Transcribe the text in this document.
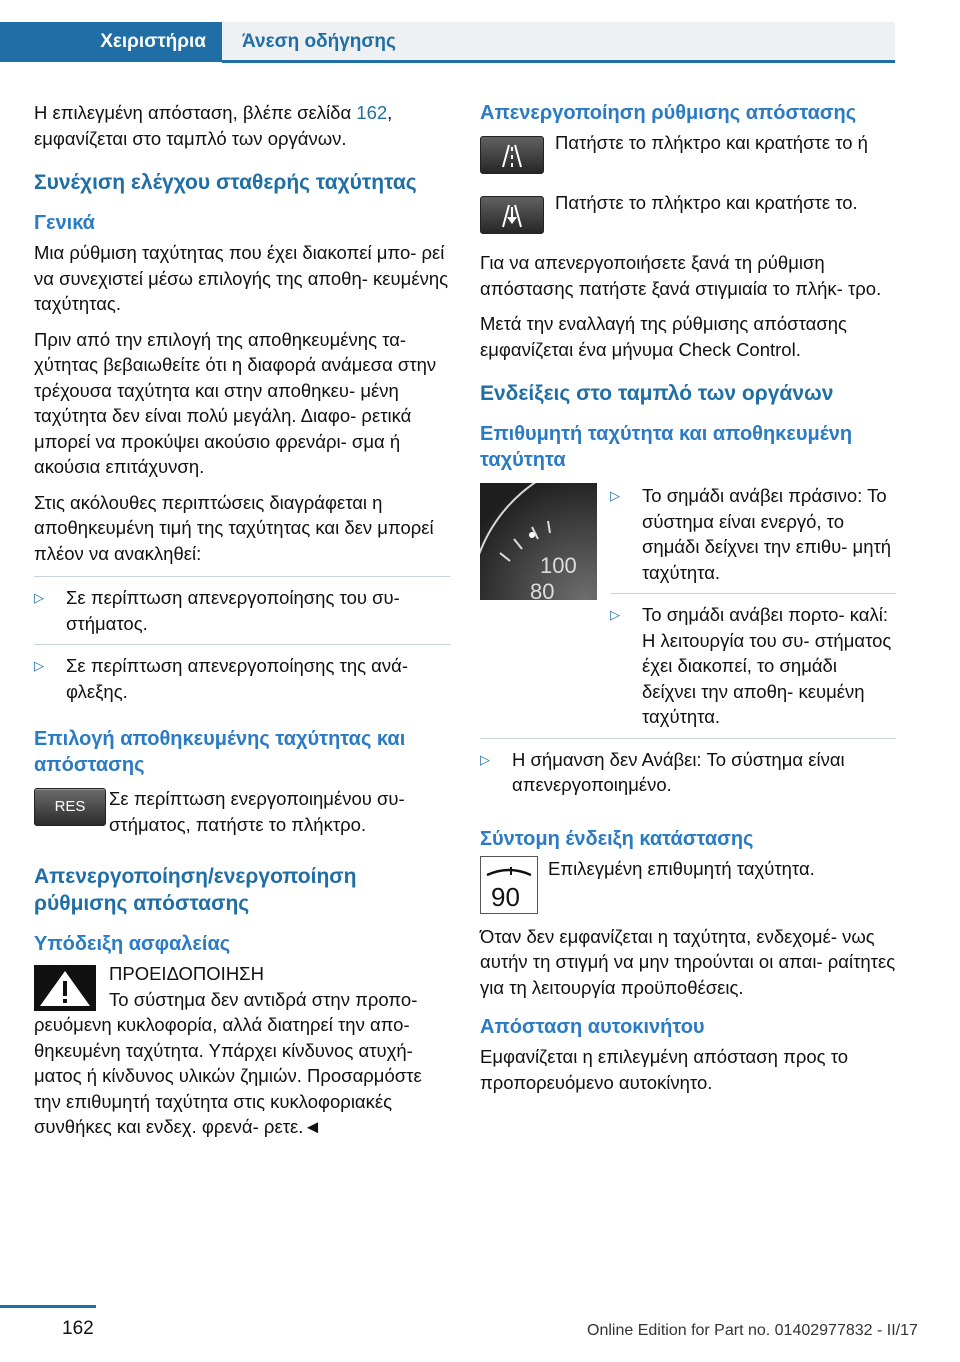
Χειριστήρια	Άνεση οδήγησης

Η επιλεγμένη απόσταση, βλέπε σελίδα 162, εμφανίζεται στο ταμπλό των οργάνων.

Συνέχιση ελέγχου σταθερής ταχύτητας
Γενικά

Μια ρύθμιση ταχύτητας που έχει διακοπεί μπο- ρεί να συνεχιστεί μέσω επιλογής της αποθη- κευμένης ταχύτητας.

Πριν από την επιλογή της αποθηκευμένης τα- χύτητας βεβαιωθείτε ότι η διαφορά ανάμεσα στην τρέχουσα ταχύτητα και στην αποθηκευ- μένη ταχύτητα δεν είναι πολύ μεγάλη. Διαφο- ρετικά μπορεί να προκύψει ακούσιο φρενάρι- σμα ή ακούσια επιτάχυνση.

Στις ακόλουθες περιπτώσεις διαγράφεται η αποθηκευμένη τιμή της ταχύτητας και δεν μπορεί πλέον να ανακληθεί:

▷ Σε περίπτωση απενεργοποίησης του συ- στήματος.
▷ Σε περίπτωση απενεργοποίησης της ανά- φλεξης.
Επιλογή αποθηκευμένης ταχύτητας και απόστασης
RES	Σε περίπτωση ενεργοποιημένου συ- στήματος, πατήστε το πλήκτρο.

Απενεργοποίηση/ενεργοποίηση ρύθμισης απόστασης
Υπόδειξη ασφαλείας

ΠΡΟΕΙΔΟΠΟΙΗΣΗ

Το σύστημα δεν αντιδρά στην προπο- ρευόμενη κυκλοφορία, αλλά διατηρεί την απο- θηκευμένη ταχύτητα. Υπάρχει κίνδυνος ατυχή- ματος ή κίνδυνος υλικών ζημιών. Προσαρμόστε την επιθυμητή ταχύτητα στις κυκλοφοριακές συνθήκες και ενδεχ. φρενά- ρετε.◄

Απενεργοποίηση ρύθμισης απόστασης

Πατήστε το πλήκτρο και κρατήστε το ή

Πατήστε το πλήκτρο και κρατήστε το.

Για να απενεργοποιήσετε ξανά τη ρύθμιση απόστασης πατήστε ξανά στιγμιαία το πλήκ- τρο.

Μετά την εναλλαγή της ρύθμισης απόστασης εμφανίζεται ένα μήνυμα Check Control.

Ενδείξεις στο ταμπλό των οργάνων
Επιθυμητή ταχύτητα και αποθηκευμένη ταχύτητα
100
80
▷ Το σημάδι ανάβει πράσινο: Το σύστημα είναι ενεργό, το σημάδι δείχνει την επιθυ- μητή ταχύτητα.
▷ Το σημάδι ανάβει πορτο- καλί: Η λειτουργία του συ- στήματος έχει διακοπεί, το σημάδι δείχνει την αποθη- κευμένη ταχύτητα.
▷ Η σήμανση δεν Ανάβει: Το σύστημα είναι απενεργοποιημένο.
Σύντομη ένδειξη κατάστασης
90

Επιλεγμένη επιθυμητή ταχύτητα.

Όταν δεν εμφανίζεται η ταχύτητα, ενδεχομέ- νως αυτήν τη στιγμή να μην τηρούνται οι απαι- ραίτητες για τη λειτουργία προϋποθέσεις.

Απόσταση αυτοκινήτου

Εμφανίζεται η επιλεγμένη απόσταση προς το προπορευόμενο αυτοκίνητο.

162	Online Edition for Part no. 01402977832 - II/17
